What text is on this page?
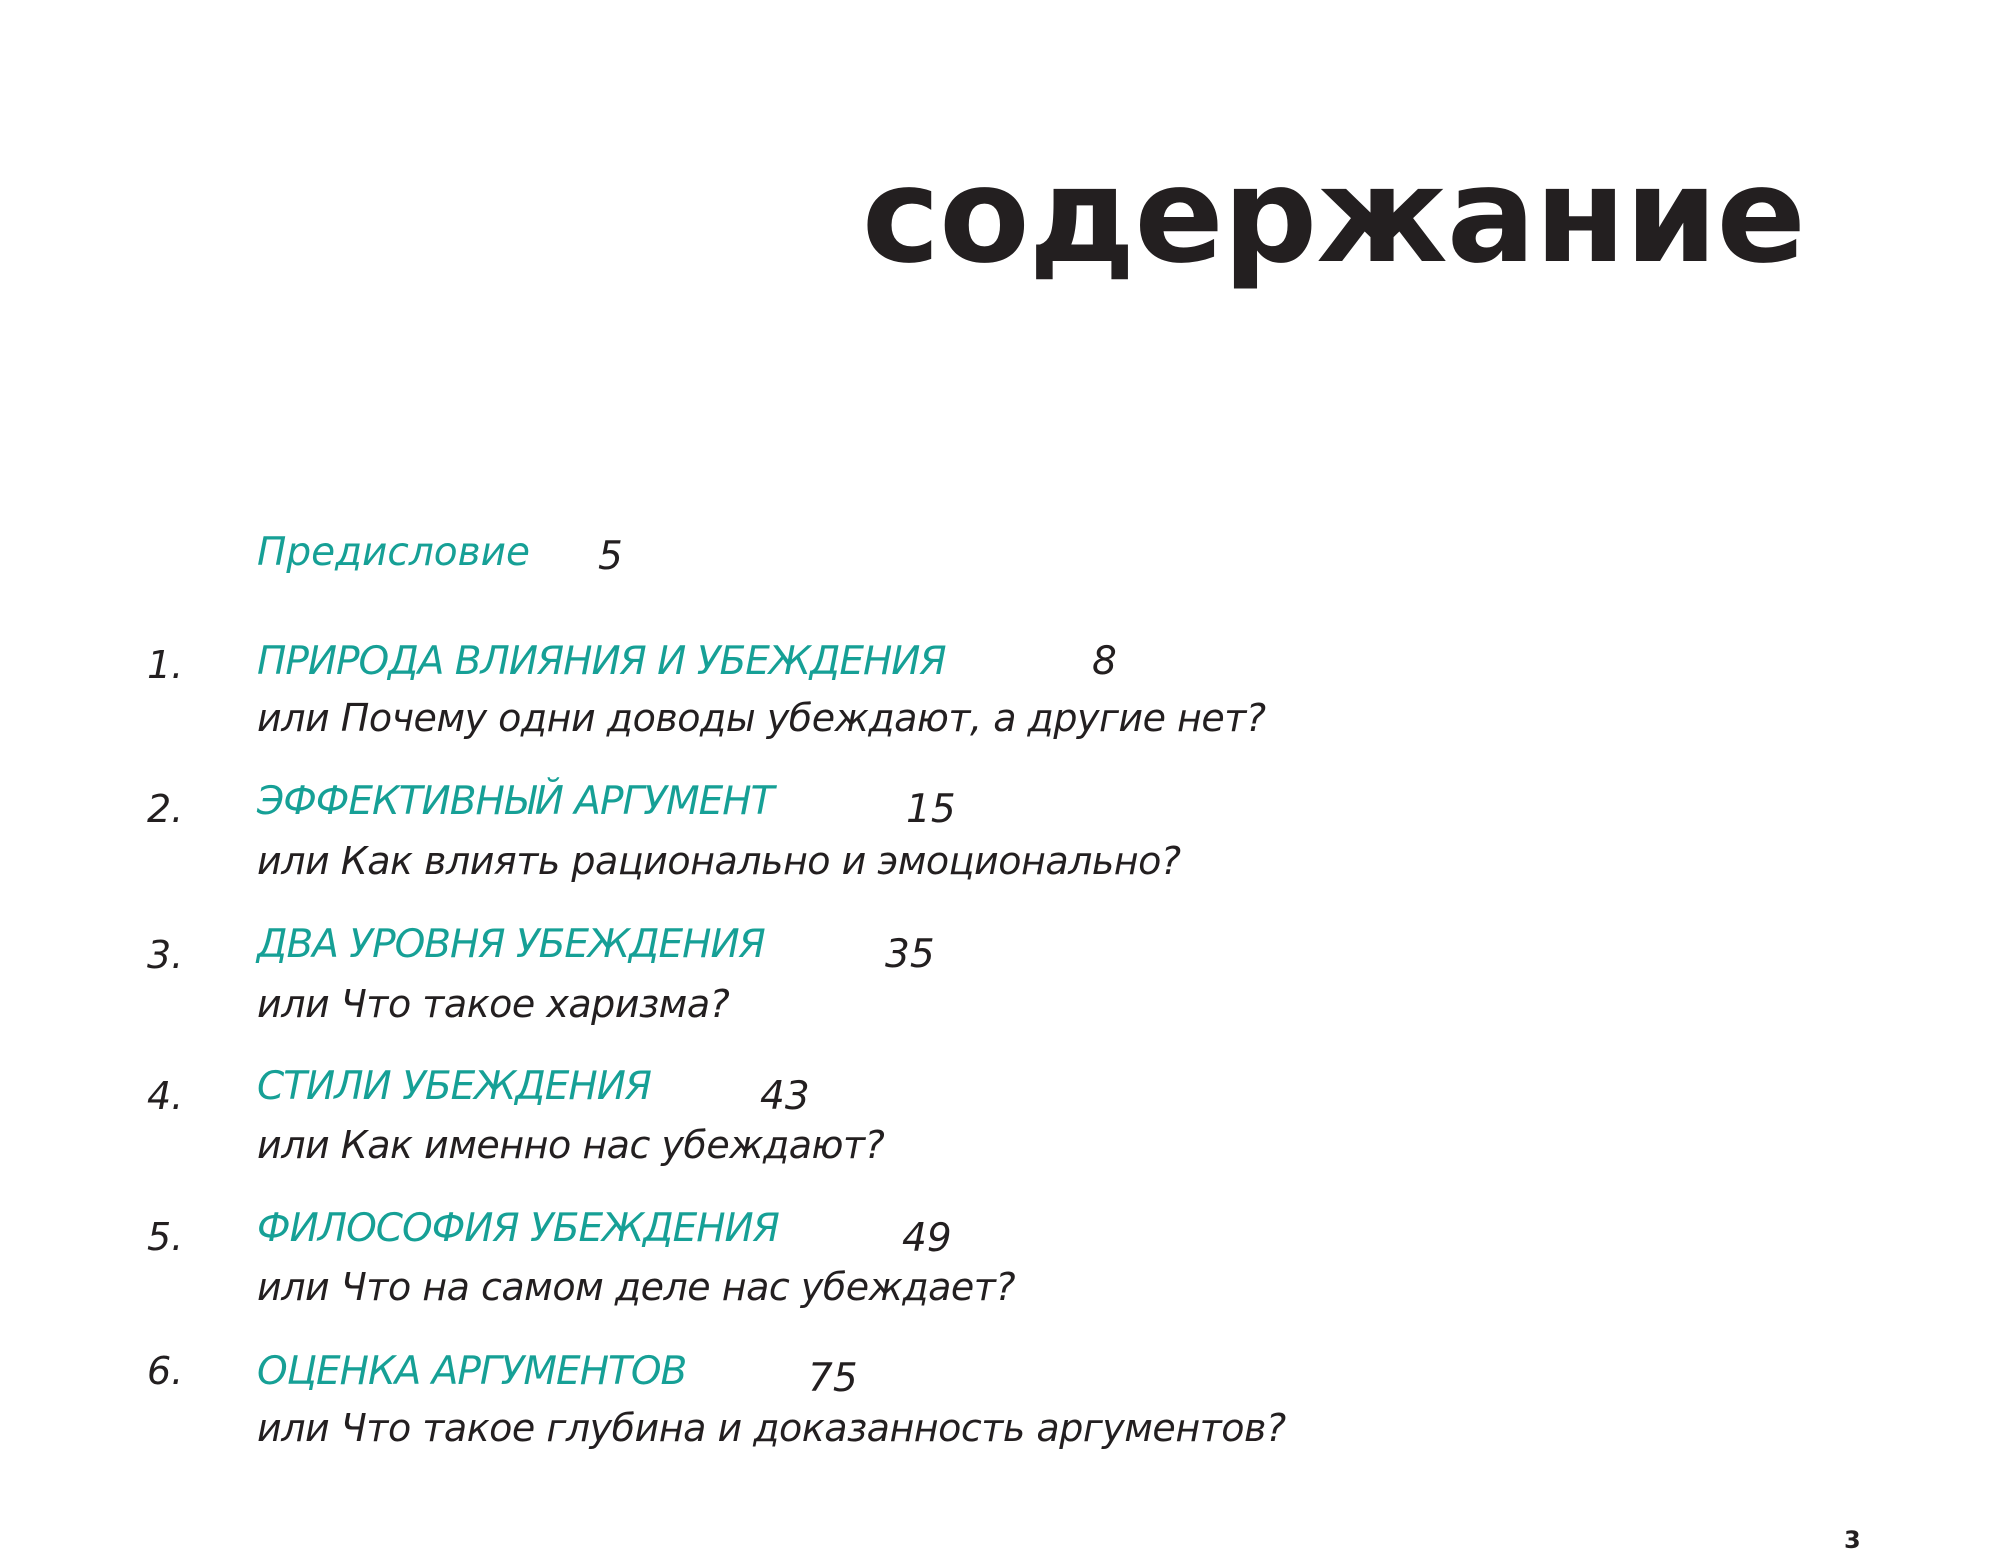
содержание
Предисловие 5
1. ПРИРОДА ВЛИЯНИЯ И УБЕЖДЕНИЯ	8
или Почему одни доводы убеждают, а другие нет?
2. ЭФФЕКТИВНЫЙ АРГУМЕНТ	15
или Как влиять рационально и эмоционально?
3. ДВА УРОВНЯ УБЕЖДЕНИЯ	35
или Что такое харизма?
4. СТИЛИ УБЕЖДЕНИЯ	43
или Как именно нас убеждают?
5. ФИЛОСОФИЯ УБЕЖДЕНИЯ	49
или Что на самом деле нас убеждает?
6. ОЦЕНКА АРГУМЕНТОВ	75
или Что такое глубина и доказанность аргументов?
3
